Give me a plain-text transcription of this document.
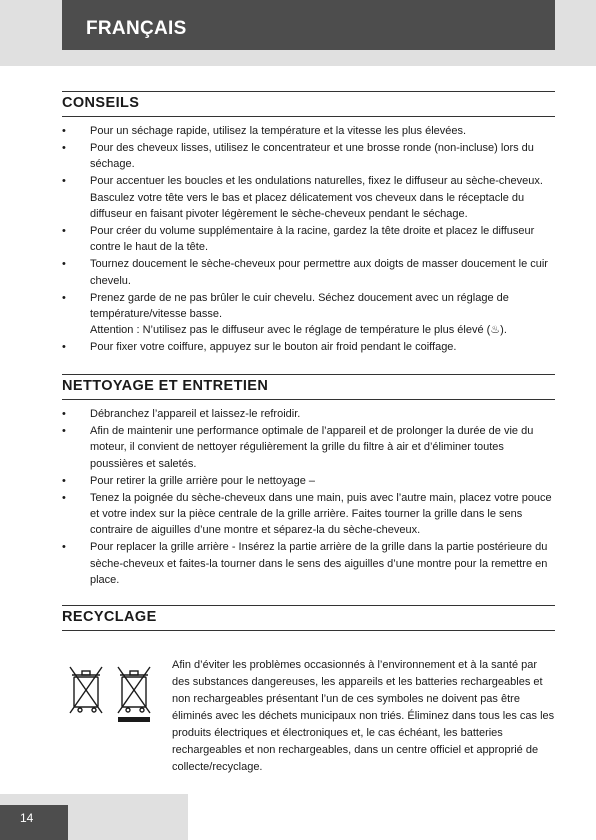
FRANÇAIS
CONSEILS
• Pour un séchage rapide, utilisez la température et la vitesse les plus élevées.
• Pour des cheveux lisses, utilisez le concentrateur et une brosse ronde (non-incluse) lors du séchage.
• Pour accentuer les boucles et les ondulations naturelles, fixez le diffuseur au sèche-cheveux. Basculez votre tête vers le bas et placez délicatement vos cheveux dans le réceptacle du diffuseur en faisant pivoter légèrement le sèche-cheveux pendant le séchage.
• Pour créer du volume supplémentaire à la racine, gardez la tête droite et placez le diffuseur contre le haut de la tête.
• Tournez doucement le sèche-cheveux pour permettre aux doigts de masser doucement le cuir chevelu.
• Prenez garde de ne pas brûler le cuir chevelu. Séchez doucement avec un réglage de température/vitesse basse.
Attention : N’utilisez pas le diffuseur avec le réglage de température le plus élevé (♨).
• Pour fixer votre coiffure, appuyez sur le bouton air froid pendant le coiffage.
NETTOYAGE ET ENTRETIEN
• Débranchez l’appareil et laissez-le refroidir.
• Afin de maintenir une performance optimale de l’appareil et de prolonger la durée de vie du moteur, il convient de nettoyer régulièrement la grille du filtre à air et d’éliminer toutes poussières et saletés.
• Pour retirer la grille arrière pour le nettoyage –
• Tenez la poignée du sèche-cheveux dans une main, puis avec l’autre main, placez votre pouce et votre index sur la pièce centrale de la grille arrière. Faites tourner la grille dans le sens contraire de aiguilles d’une montre et séparez-la du sèche-cheveux.
• Pour replacer la grille arrière - Insérez la partie arrière de la grille dans la partie postérieure du sèche-cheveux et faites-la tourner dans le sens des aiguilles d’une montre pour la remettre en place.
RECYCLAGE

Afin d’éviter les problèmes occasionnés à l’environnement et à la santé par des substances dangereuses, les appareils et les batteries rechargeables et non rechargeables présentant l’un de ces symboles ne doivent pas être éliminés avec les déchets municipaux non triés. Éliminez dans tous les cas les produits électriques et électroniques et, le cas échéant, les batteries rechargeables et non rechargeables, dans un centre officiel et approprié de collecte/recyclage.

14
